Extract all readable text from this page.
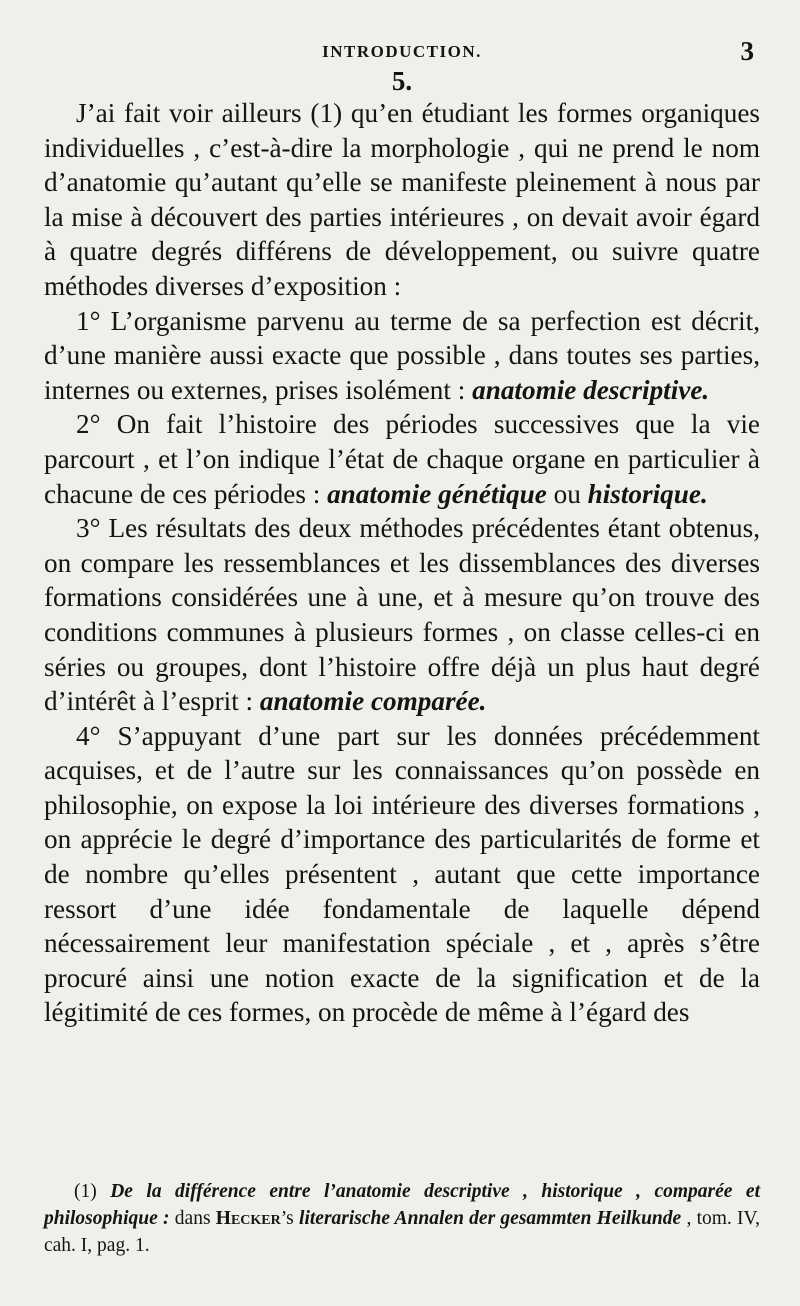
INTRODUCTION.	3
5.

J’ai fait voir ailleurs (1) qu’en étudiant les formes organiques individuelles , c’est-à-dire la morphologie , qui ne prend le nom d’anatomie qu’autant qu’elle se manifeste pleinement à nous par la mise à découvert des parties intérieures , on devait avoir égard à quatre degrés différens de développement, ou suivre quatre méthodes diverses d’exposition :

1° L’organisme parvenu au terme de sa perfection est décrit, d’une manière aussi exacte que possible , dans toutes ses parties, internes ou externes, prises isolément : anatomie descriptive.

2° On fait l’histoire des périodes successives que la vie parcourt , et l’on indique l’état de chaque organe en particulier à chacune de ces périodes : anatomie génétique ou historique.

3° Les résultats des deux méthodes précédentes étant obtenus, on compare les ressemblances et les dissemblances des diverses formations considérées une à une, et à mesure qu’on trouve des conditions communes à plusieurs formes , on classe celles-ci en séries ou groupes, dont l’histoire offre déjà un plus haut degré d’intérêt à l’esprit : anatomie comparée.

4° S’appuyant d’une part sur les données précédemment acquises, et de l’autre sur les connaissances qu’on possède en philosophie, on expose la loi intérieure des diverses formations , on apprécie le degré d’importance des particularités de forme et de nombre qu’elles présentent , autant que cette importance ressort d’une idée fondamentale de laquelle dépend nécessairement leur manifestation spéciale , et , après s’être procuré ainsi une notion exacte de la signification et de la légitimité de ces formes, on procède de même à l’égard des

(1) De la différence entre l’anatomie descriptive , historique , comparée et philosophique : dans Hecker’s literarische Annalen der gesammten Heilkunde , tom. IV, cah. I, pag. 1.
